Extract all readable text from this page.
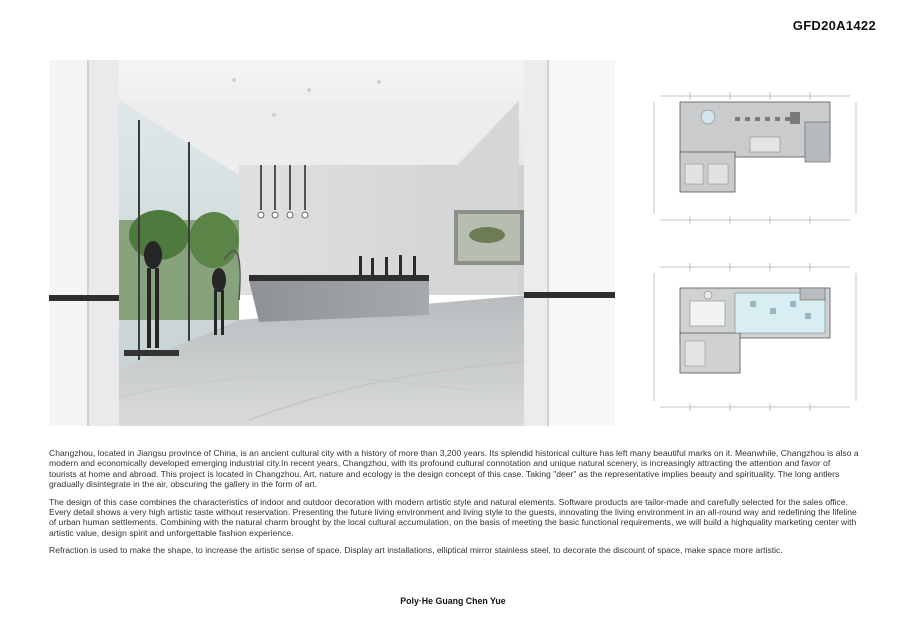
GFD20A1422

Changzhou, located in Jiangsu province of China, is an ancient cultural city with a history of more than 3,200 years. Its splendid historical culture has left many beautiful marks on it. Meanwhile, Changzhou is also a modern and economically developed emerging industrial city.In recent years, Changzhou, with its profound cultural connotation and unique natural scenery, is increasingly attracting the attention and favor of tourists at home and abroad. This project is located in Changzhou. Art, nature and ecology is the design concept of this case. Taking "deer" as the representative implies beauty and spirituality. The long antlers gradually disintegrate in the air, obscuring the gallery in the form of art.

The design of this case combines the characteristics of indoor and outdoor decoration with modern artistic style and natural elements. Software products are tailor-made and carefully selected for the sales office. Every detail shows a very high artistic taste without reservation. Presenting the future living environment and living style to the guests, innovating the living environment in an all-round way and redefining the lifeline of urban human settlements. Combining with the natural charm brought by the local cultural accumulation, on the basis of meeting the basic functional requirements, we will build a highquality marketing center with artistic value, design spirit and unforgettable fashion experience.

Refraction is used to make the shape, to increase the artistic sense of space. Display art installations, elliptical mirror stainless steel, to decorate the discount of space, make space more artistic.

Poly·He Guang Chen Yue
